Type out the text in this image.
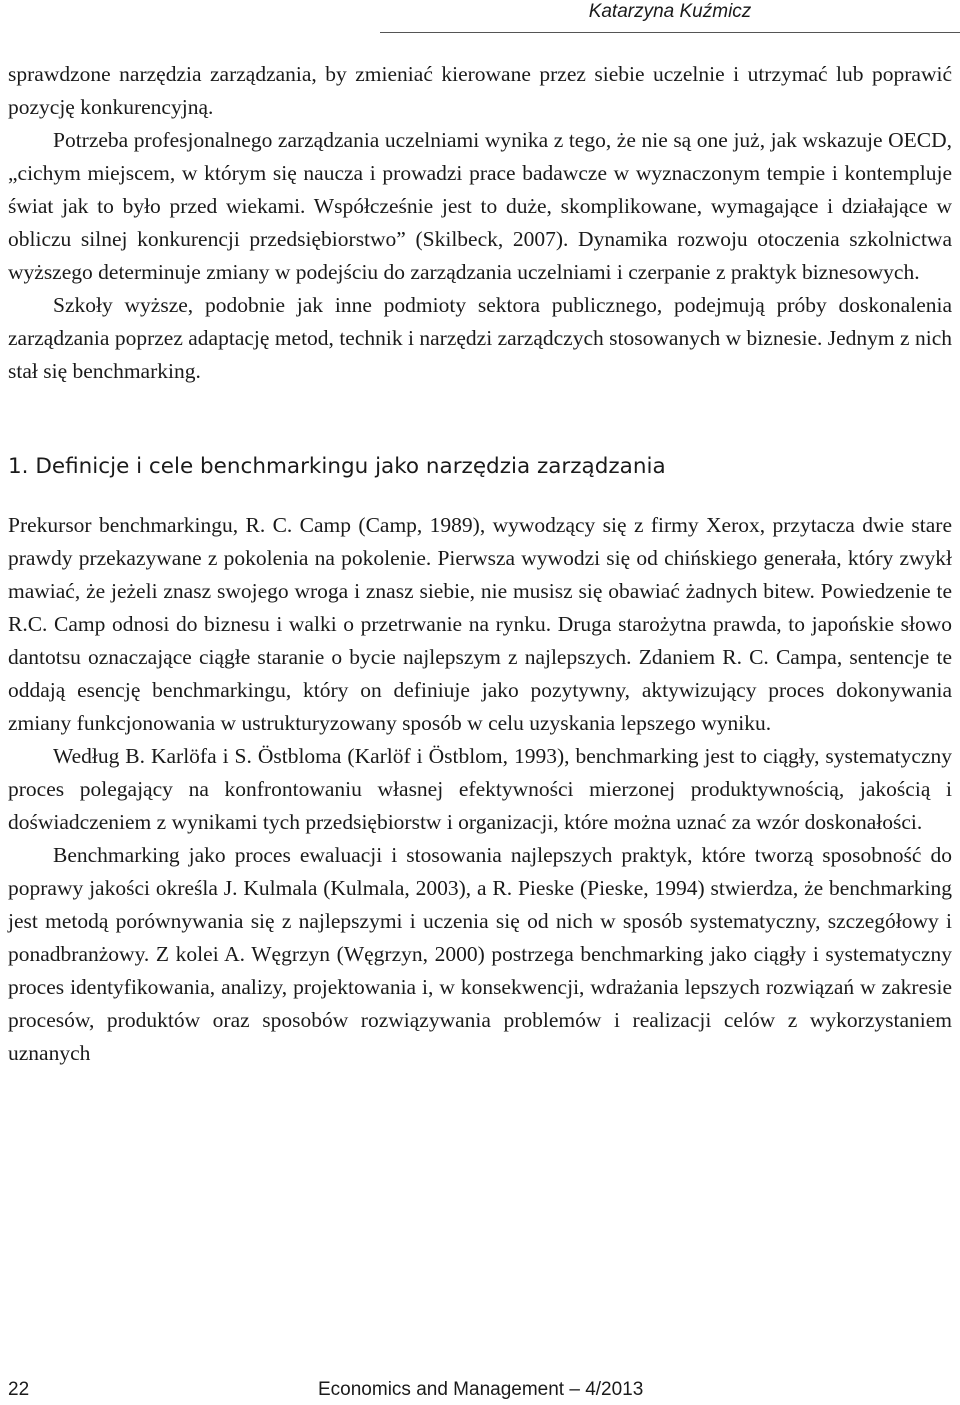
Katarzyna Kuźmicz

sprawdzone narzędzia zarządzania, by zmieniać kierowane przez siebie uczelnie i utrzymać lub poprawić pozycję konkurencyjną.

Potrzeba profesjonalnego zarządzania uczelniami wynika z tego, że nie są one już, jak wskazuje OECD, „cichym miejscem, w którym się naucza i prowadzi prace badawcze w wyznaczonym tempie i kontempluje świat jak to było przed wiekami. Współcześnie jest to duże, skomplikowane, wymagające i działające w obliczu silnej konkurencji przedsiębiorstwo” (Skilbeck, 2007). Dynamika rozwoju otoczenia szkolnictwa wyższego determinuje zmiany w podejściu do zarządzania uczelniami i czerpanie z praktyk biznesowych.

Szkoły wyższe, podobnie jak inne podmioty sektora publicznego, podejmują próby doskonalenia zarządzania poprzez adaptację metod, technik i narzędzi zarządczych stosowanych w biznesie. Jednym z nich stał się benchmarking.

1. Definicje i cele benchmarkingu jako narzędzia zarządzania

Prekursor benchmarkingu, R. C. Camp (Camp, 1989), wywodzący się z firmy Xerox, przytacza dwie stare prawdy przekazywane z pokolenia na pokolenie. Pierwsza wywodzi się od chińskiego generała, który zwykł mawiać, że jeżeli znasz swojego wroga i znasz siebie, nie musisz się obawiać żadnych bitew. Powiedzenie te R.C. Camp odnosi do biznesu i walki o przetrwanie na rynku. Druga starożytna prawda, to japońskie słowo dantotsu oznaczające ciągłe staranie o bycie najlepszym z najlepszych. Zdaniem R. C. Campa, sentencje te oddają esencję benchmarkingu, który on definiuje jako pozytywny, aktywizujący proces dokonywania zmiany funkcjonowania w ustrukturyzowany sposób w celu uzyskania lepszego wyniku.

Według B. Karlöfa i S. Östbloma (Karlöf i Östblom, 1993), benchmarking jest to ciągły, systematyczny proces polegający na konfrontowaniu własnej efektywności mierzonej produktywnością, jakością i doświadczeniem z wynikami tych przedsiębiorstw i organizacji, które można uznać za wzór doskonałości.

Benchmarking jako proces ewaluacji i stosowania najlepszych praktyk, które tworzą sposobność do poprawy jakości określa J. Kulmala (Kulmala, 2003), a R. Pieske (Pieske, 1994) stwierdza, że benchmarking jest metodą porównywania się z najlepszymi i uczenia się od nich w sposób systematyczny, szczegółowy i ponadbranżowy. Z kolei A. Węgrzyn (Węgrzyn, 2000) postrzega benchmarking jako ciągły i systematyczny proces identyfikowania, analizy, projektowania i, w konsekwencji, wdrażania lepszych rozwiązań w zakresie procesów, produktów oraz sposobów rozwiązywania problemów i realizacji celów z wykorzystaniem uznanych

22	Economics and Management – 4/2013
